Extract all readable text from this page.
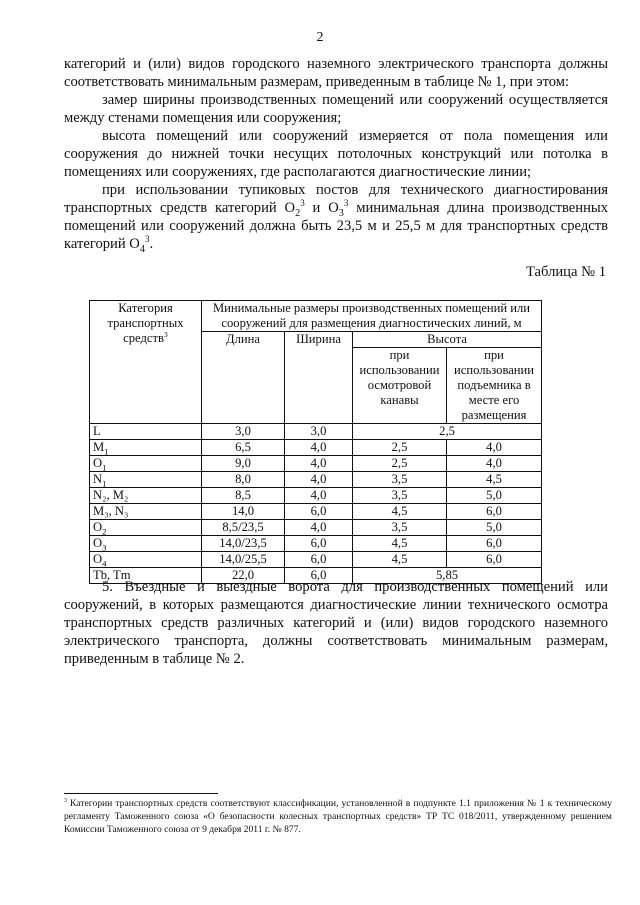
2

категорий и (или) видов городского наземного электрического транспорта должны соответствовать минимальным размерам, приведенным в таблице № 1, при этом:

замер ширины производственных помещений или сооружений осуществляется между стенами помещения или сооружения;

высота помещений или сооружений измеряется от пола помещения или сооружения до нижней точки несущих потолочных конструкций или потолка в помещениях или сооружениях, где располагаются диагностические линии;

при использовании тупиковых постов для технического диагностирования транспортных средств категорий $O_2^3$ и $O_3^3$ минимальная длина производственных помещений или сооружений должна быть 23,5 м и 25,5 м для транспортных средств категорий $O_4^3$.

Таблица № 1
Категория транспортных средств$^3$	Минимальные размеры производственных помещений или сооружений для размещения диагностических линий, м			
	Длина	Ширина	Высота	
			при использовании осмотровой канавы	при использовании подъемника в месте его размещения
L	3,0	3,0	2,5	
$M_1$	6,5	4,0	2,5	4,0
$O_1$	9,0	4,0	2,5	4,0
$N_1$	8,0	4,0	3,5	4,5
N₂, M₂	8,5	4,0	3,5	5,0
M₃, N₃	14,0	6,0	4,5	6,0
$O_2$	8,5/23,5	4,0	3,5	5,0
$O_3$	14,0/23,5	6,0	4,5	6,0
$O_4$	14,0/25,5	6,0	4,5	6,0
Tb, Tm	22,0	6,0	5,85	

5. Въездные и выездные ворота для производственных помещений или сооружений, в которых размещаются диагностические линии технического осмотра транспортных средств различных категорий и (или) видов городского наземного электрического транспорта, должны соответствовать минимальным размерам, приведенным в таблице № 2.

$^3$ Категории транспортных средств соответствуют классификации, установленной в подпункте 1.1 приложения № 1 к техническому регламенту Таможенного союза «О безопасности колесных транспортных средств» ТР ТС 018/2011, утвержденному решением Комиссии Таможенного союза от 9 декабря 2011 г. № 877.
